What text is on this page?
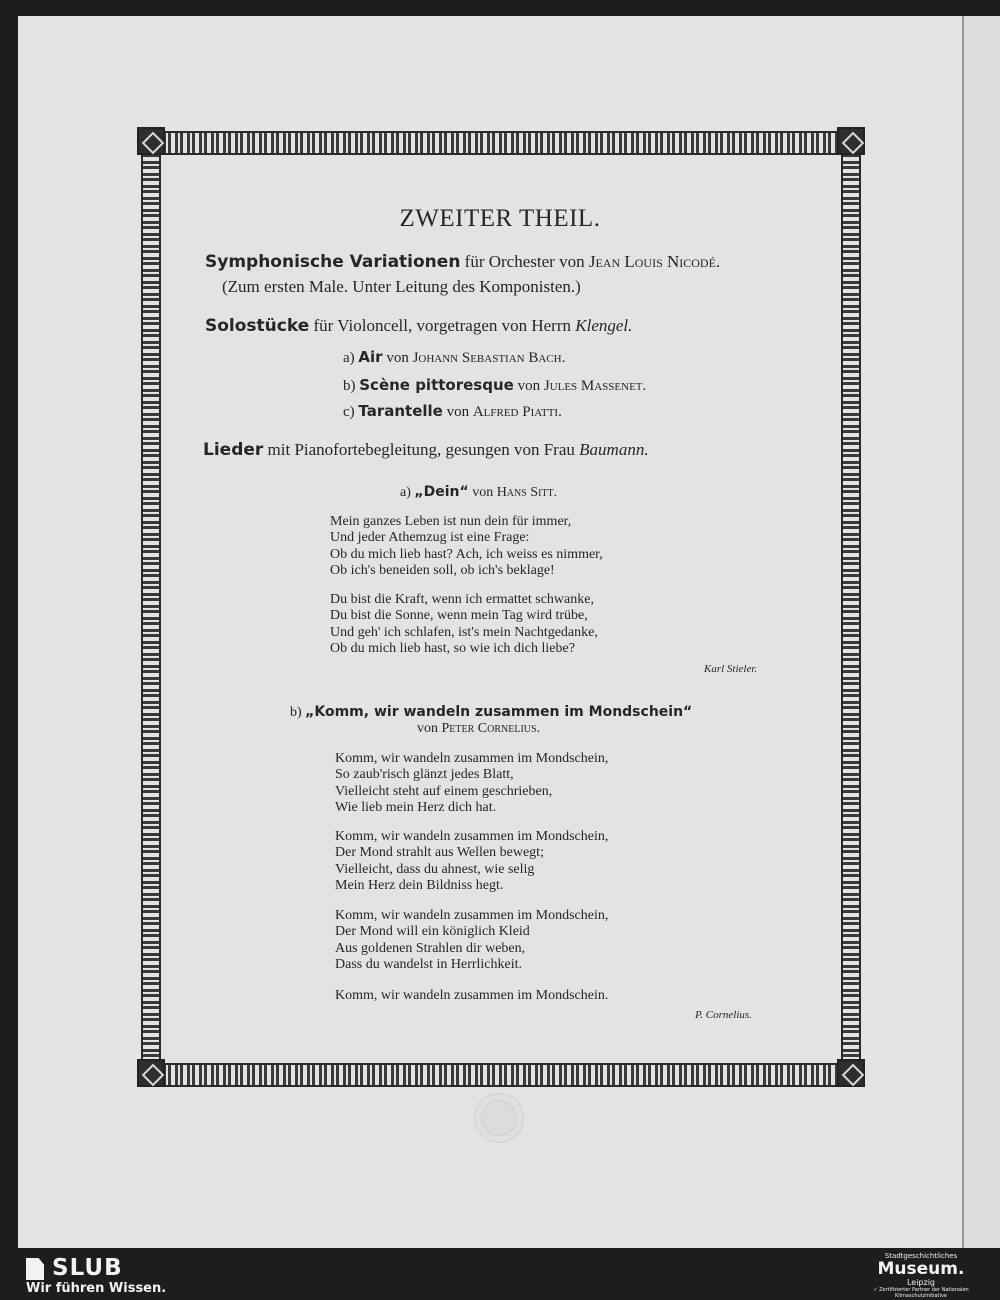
ZWEITER THEIL.
Symphonische Variationen für Orchester von Jean Louis Nicodé.
(Zum ersten Male. Unter Leitung des Komponisten.)
Solostücke für Violoncell, vorgetragen von Herrn Klengel.
a) Air von Johann Sebastian Bach.
b) Scène pittoresque von Jules Massenet.
c) Tarantelle von Alfred Piatti.
Lieder mit Pianofortebegleitung, gesungen von Frau Baumann.
a) „Dein“ von Hans Sitt.
Mein ganzes Leben ist nun dein für immer,
Und jeder Athemzug ist eine Frage:
Ob du mich lieb hast? Ach, ich weiss es nimmer,
Ob ich's beneiden soll, ob ich's beklage!
Du bist die Kraft, wenn ich ermattet schwanke,
Du bist die Sonne, wenn mein Tag wird trübe,
Und geh' ich schlafen, ist's mein Nachtgedanke,
Ob du mich lieb hast, so wie ich dich liebe?
Karl Stieler.
b) „Komm, wir wandeln zusammen im Mondschein“
von Peter Cornelius.
Komm, wir wandeln zusammen im Mondschein,
So zaub'risch glänzt jedes Blatt,
Vielleicht steht auf einem geschrieben,
Wie lieb mein Herz dich hat.
Komm, wir wandeln zusammen im Mondschein,
Der Mond strahlt aus Wellen bewegt;
Vielleicht, dass du ahnest, wie selig
Mein Herz dein Bildniss hegt.
Komm, wir wandeln zusammen im Mondschein,
Der Mond will ein königlich Kleid
Aus goldenen Strahlen dir weben,
Dass du wandelst in Herrlichkeit.
Komm, wir wandeln zusammen im Mondschein.
P. Cornelius.
SLUB
Wir führen Wissen.
Stadtgeschichtliches
Museum.
Leipzig
✓ Zertifizierter Partner der Nationalen Klimaschutzinitiative
